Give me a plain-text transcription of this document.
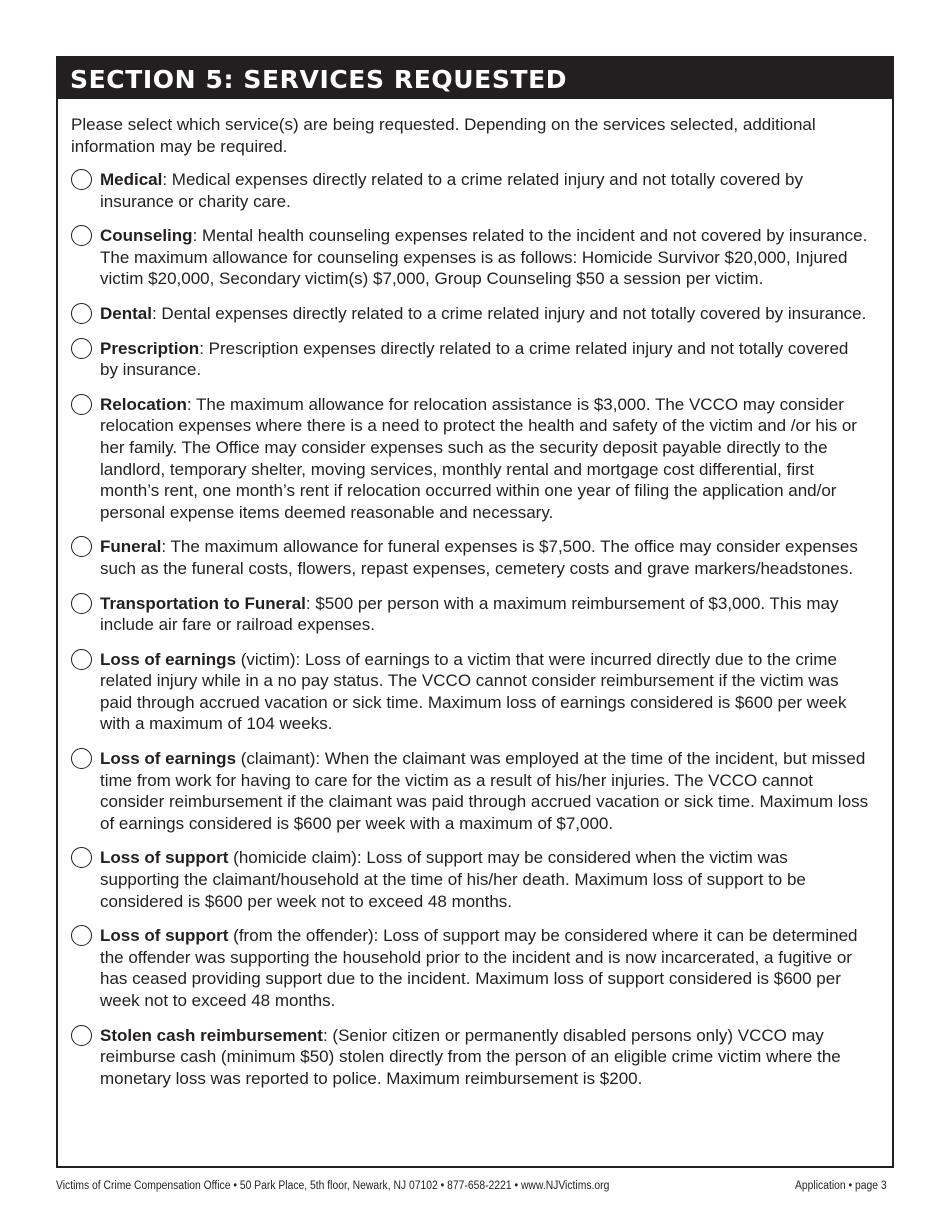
SECTION 5: SERVICES REQUESTED
Please select which service(s) are being requested. Depending on the services selected, additional information may be required.
Medical: Medical expenses directly related to a crime related injury and not totally covered by insurance or charity care.
Counseling: Mental health counseling expenses related to the incident and not covered by insurance. The maximum allowance for counseling expenses is as follows: Homicide Survivor $20,000, Injured victim $20,000, Secondary victim(s) $7,000, Group Counseling $50 a session per victim.
Dental: Dental expenses directly related to a crime related injury and not totally covered by insurance.
Prescription: Prescription expenses directly related to a crime related injury and not totally covered by insurance.
Relocation: The maximum allowance for relocation assistance is $3,000. The VCCO may consider relocation expenses where there is a need to protect the health and safety of the victim and /or his or her family. The Office may consider expenses such as the security deposit payable directly to the landlord, temporary shelter, moving services, monthly rental and mortgage cost differential, first month’s rent, one month’s rent if relocation occurred within one year of filing the application and/or personal expense items deemed reasonable and necessary.
Funeral: The maximum allowance for funeral expenses is $7,500. The office may consider expenses such as the funeral costs, flowers, repast expenses, cemetery costs and grave markers/headstones.
Transportation to Funeral: $500 per person with a maximum reimbursement of $3,000. This may include air fare or railroad expenses.
Loss of earnings (victim): Loss of earnings to a victim that were incurred directly due to the crime related injury while in a no pay status. The VCCO cannot consider reimbursement if the victim was paid through accrued vacation or sick time. Maximum loss of earnings considered is $600 per week with a maximum of 104 weeks.
Loss of earnings (claimant): When the claimant was employed at the time of the incident, but missed time from work for having to care for the victim as a result of his/her injuries. The VCCO cannot consider reimbursement if the claimant was paid through accrued vacation or sick time. Maximum loss of earnings considered is $600 per week with a maximum of $7,000.
Loss of support (homicide claim): Loss of support may be considered when the victim was supporting the claimant/household at the time of his/her death. Maximum loss of support to be considered is $600 per week not to exceed 48 months.
Loss of support (from the offender): Loss of support may be considered where it can be determined the offender was supporting the household prior to the incident and is now incarcerated, a fugitive or has ceased providing support due to the incident. Maximum loss of support considered is $600 per week not to exceed 48 months.
Stolen cash reimbursement: (Senior citizen or permanently disabled persons only) VCCO may reimburse cash (minimum $50) stolen directly from the person of an eligible crime victim where the monetary loss was reported to police. Maximum reimbursement is $200.
Victims of Crime Compensation Office • 50 Park Place, 5th floor, Newark, NJ 07102 • 877-658-2221 • www.NJVictims.org	Application • page 3
